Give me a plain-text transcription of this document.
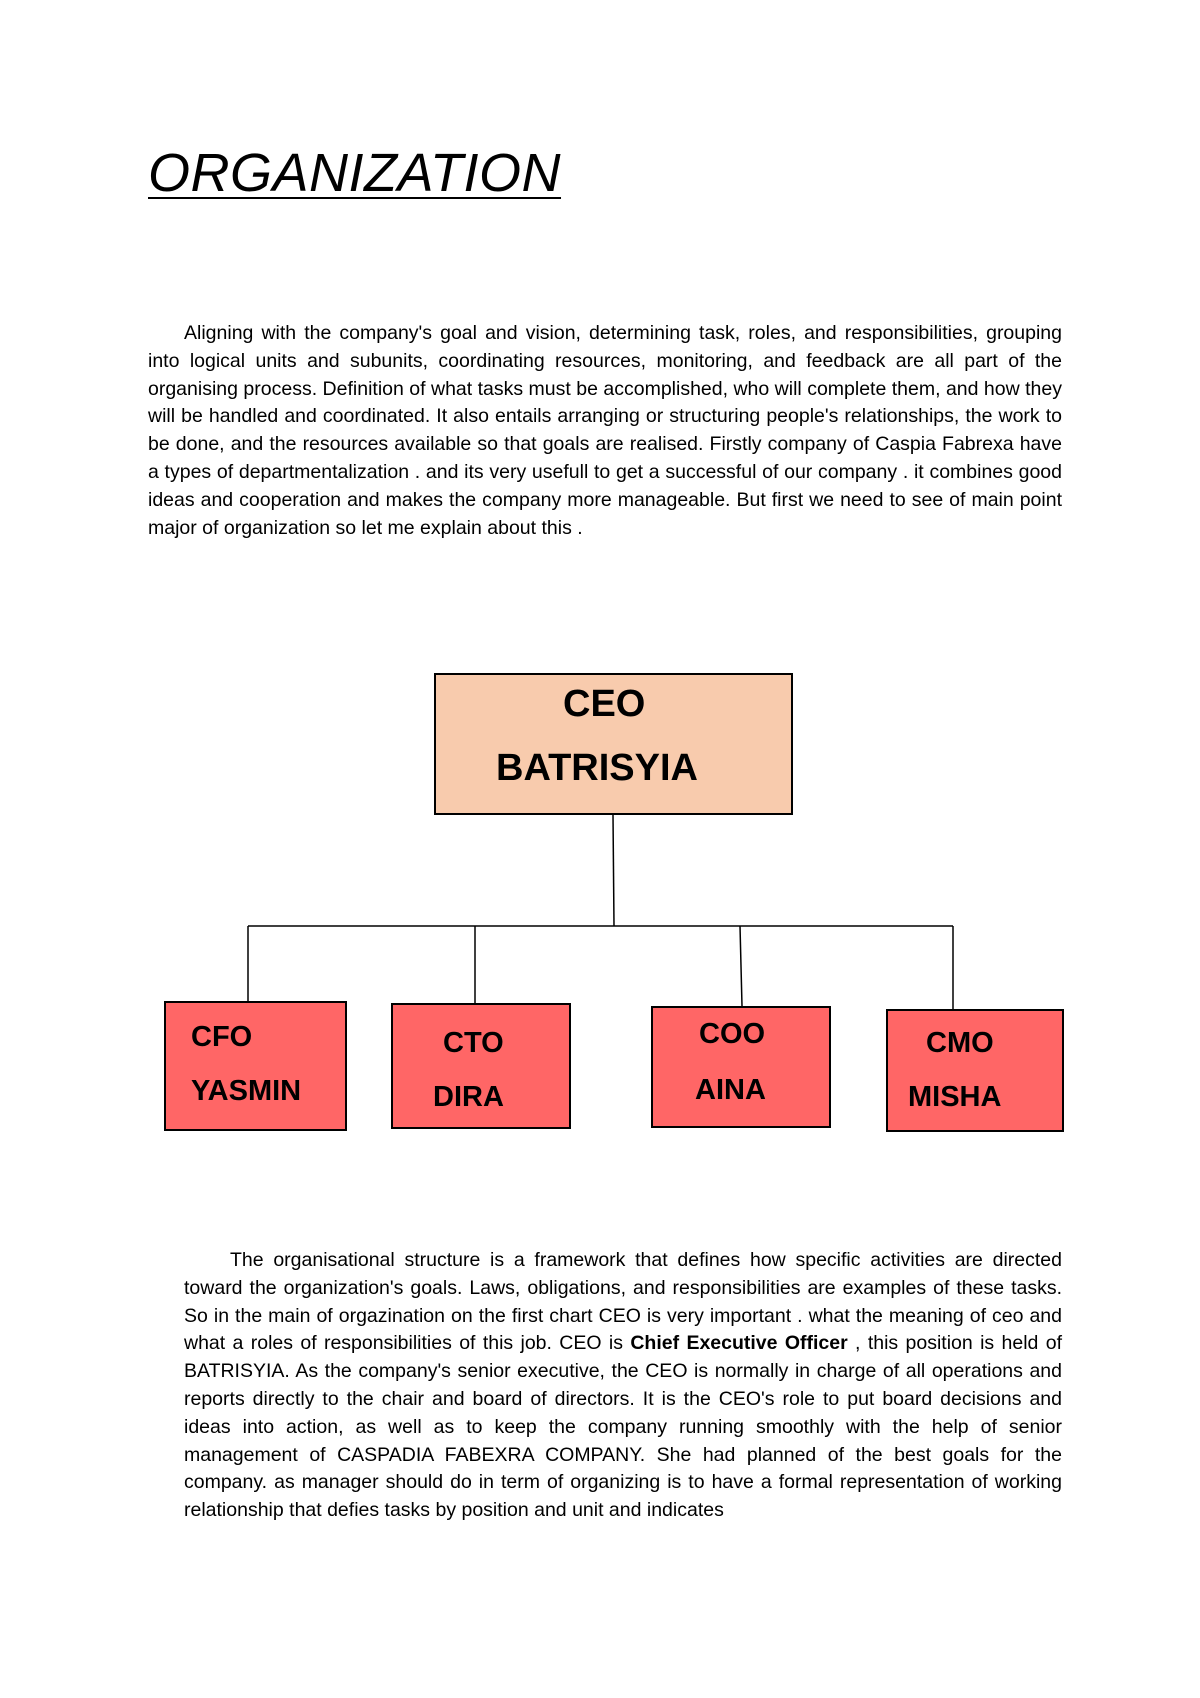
ORGANIZATION

Aligning with the company's goal and vision, determining task, roles, and responsibilities, grouping into logical units and subunits, coordinating resources, monitoring, and feedback are all part of the organising process. Definition of what tasks must be accomplished, who will complete them, and how they will be handled and coordinated. It also entails arranging or structuring people's relationships, the work to be done, and the resources available so that goals are realised. Firstly company of Caspia Fabrexa have a types of departmentalization . and its very usefull to get a successful of our company . it combines good ideas and cooperation and makes the company more manageable. But first we need to see of main point major of organization so let me explain about this .

CEO
BATRISYIA
CFO
YASMIN
CTO
DIRA
COO
AINA
CMO
MISHA

The organisational structure is a framework that defines how specific activities are directed toward the organization's goals. Laws, obligations, and responsibilities are examples of these tasks. So in the main of orgazination on the first chart CEO is very important . what the meaning of ceo and what a roles of responsibilities of this job. CEO is Chief Executive Officer , this position is held of BATRISYIA. As the company's senior executive, the CEO is normally in charge of all operations and reports directly to the chair and board of directors. It is the CEO's role to put board decisions and ideas into action, as well as to keep the company running smoothly with the help of senior management of CASPADIA FABEXRA COMPANY. She had planned of the best goals for the company. as manager should do in term of organizing is to have a formal representation of working relationship that defies tasks by position and unit and indicates
